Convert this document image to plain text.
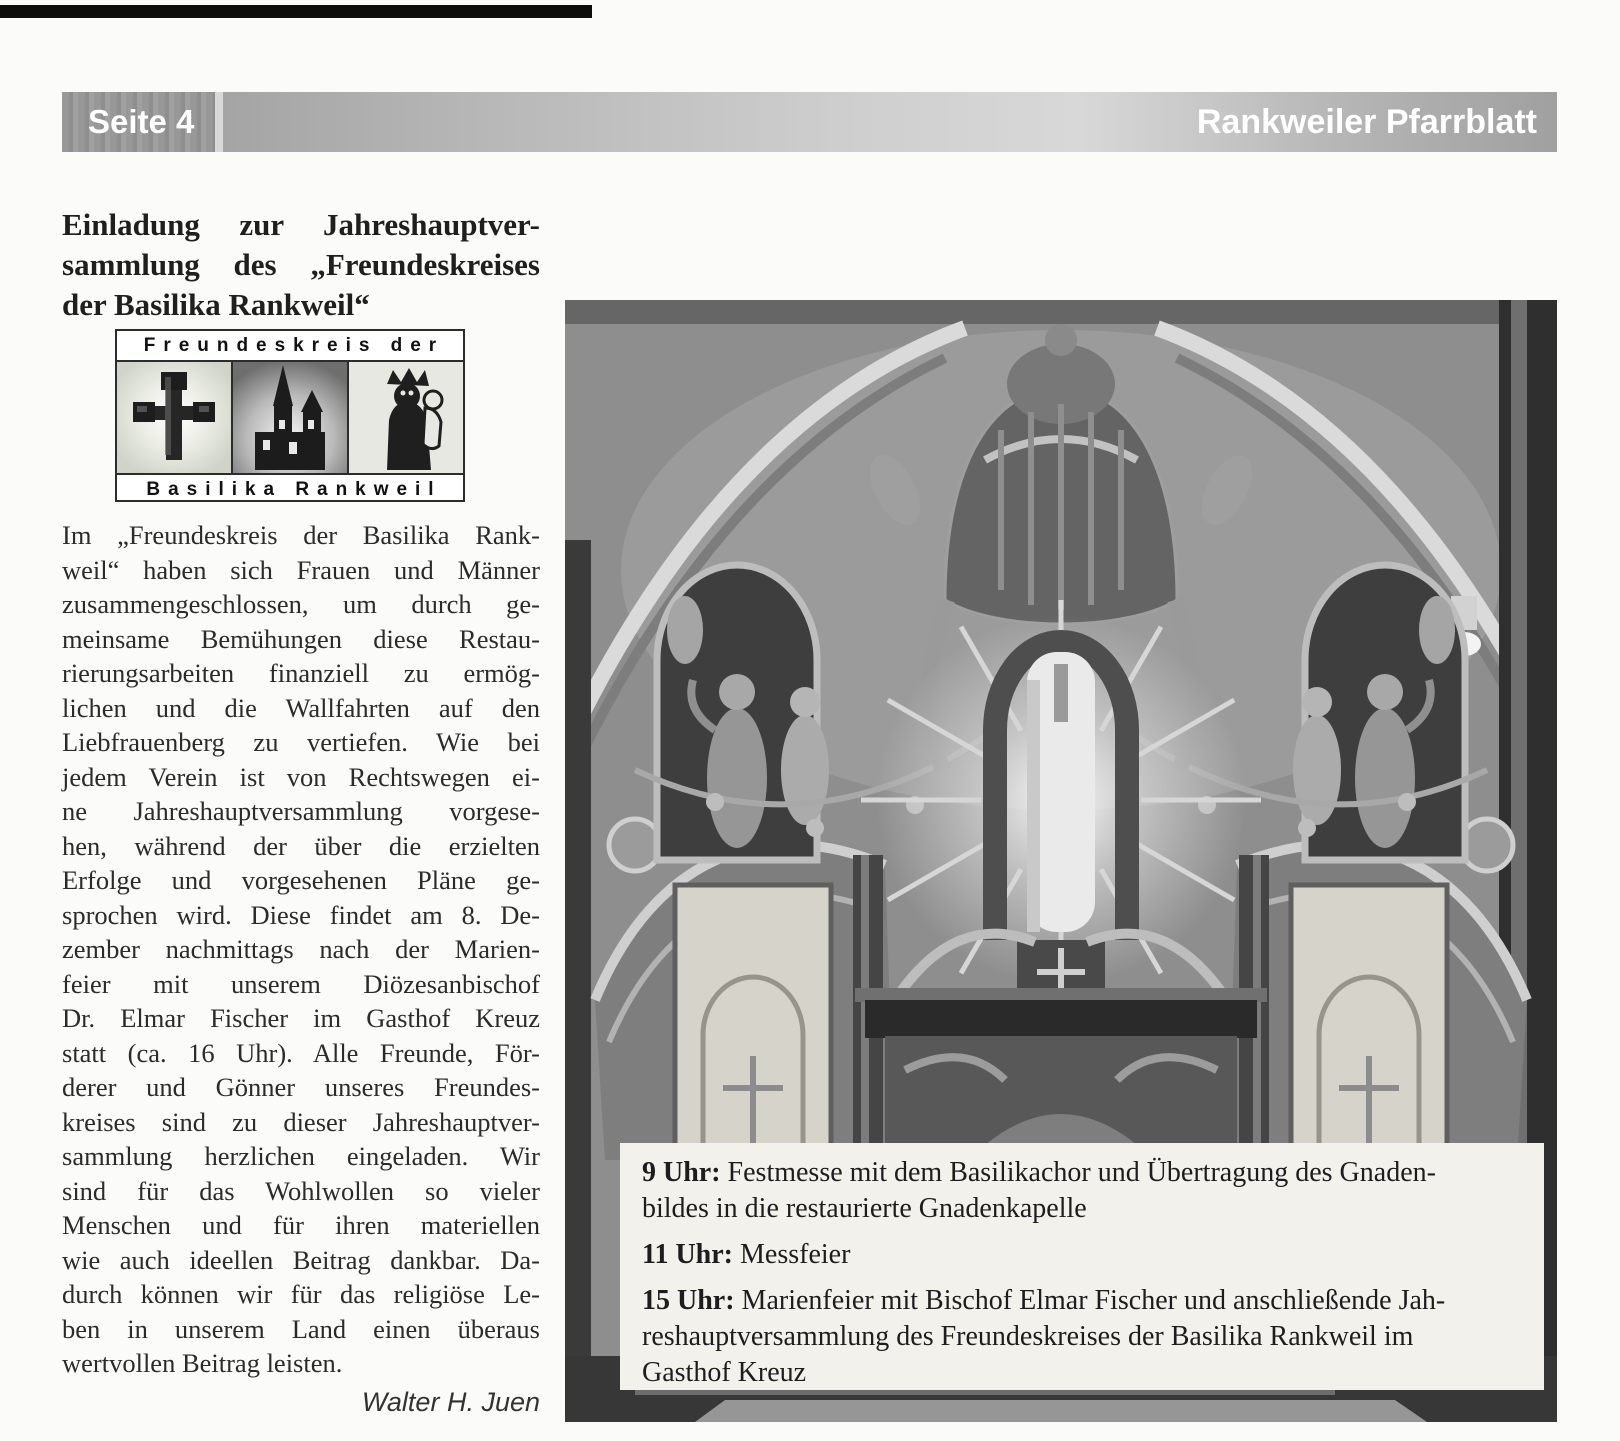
Seite 4	Rankweiler Pfarrblatt
Einladung zur Jahreshauptver-
sammlung des „Freundeskreises
der Basilika Rankweil“
Freundeskreis der
Basilika Rankweil
Im „Freundeskreis der Basilika Rank-
weil“ haben sich Frauen und Männer
zusammengeschlossen, um durch ge-
meinsame Bemühungen diese Restau-
rierungsarbeiten finanziell zu ermög-
lichen und die Wallfahrten auf den
Liebfrauenberg zu vertiefen. Wie bei
jedem Verein ist von Rechtswegen ei-
ne Jahreshauptversammlung vorgese-
hen, während der über die erzielten
Erfolge und vorgesehenen Pläne ge-
sprochen wird. Diese findet am 8. De-
zember nachmittags nach der Marien-
feier mit unserem Diözesanbischof
Dr. Elmar Fischer im Gasthof Kreuz
statt (ca. 16 Uhr). Alle Freunde, För-
derer und Gönner unseres Freundes-
kreises sind zu dieser Jahreshauptver-
sammlung herzlichen eingeladen. Wir
sind für das Wohlwollen so vieler
Menschen und für ihren materiellen
wie auch ideellen Beitrag dankbar. Da-
durch können wir für das religiöse Le-
ben in unserem Land einen überaus
wertvollen Beitrag leisten.
Walter H. Juen
9 Uhr: Festmesse mit dem Basilikachor und Übertragung des Gnaden-
bildes in die restaurierte Gnadenkapelle
11 Uhr: Messfeier
15 Uhr: Marienfeier mit Bischof Elmar Fischer und anschließende Jah-
reshauptversammlung des Freundeskreises der Basilika Rankweil im
Gasthof Kreuz
